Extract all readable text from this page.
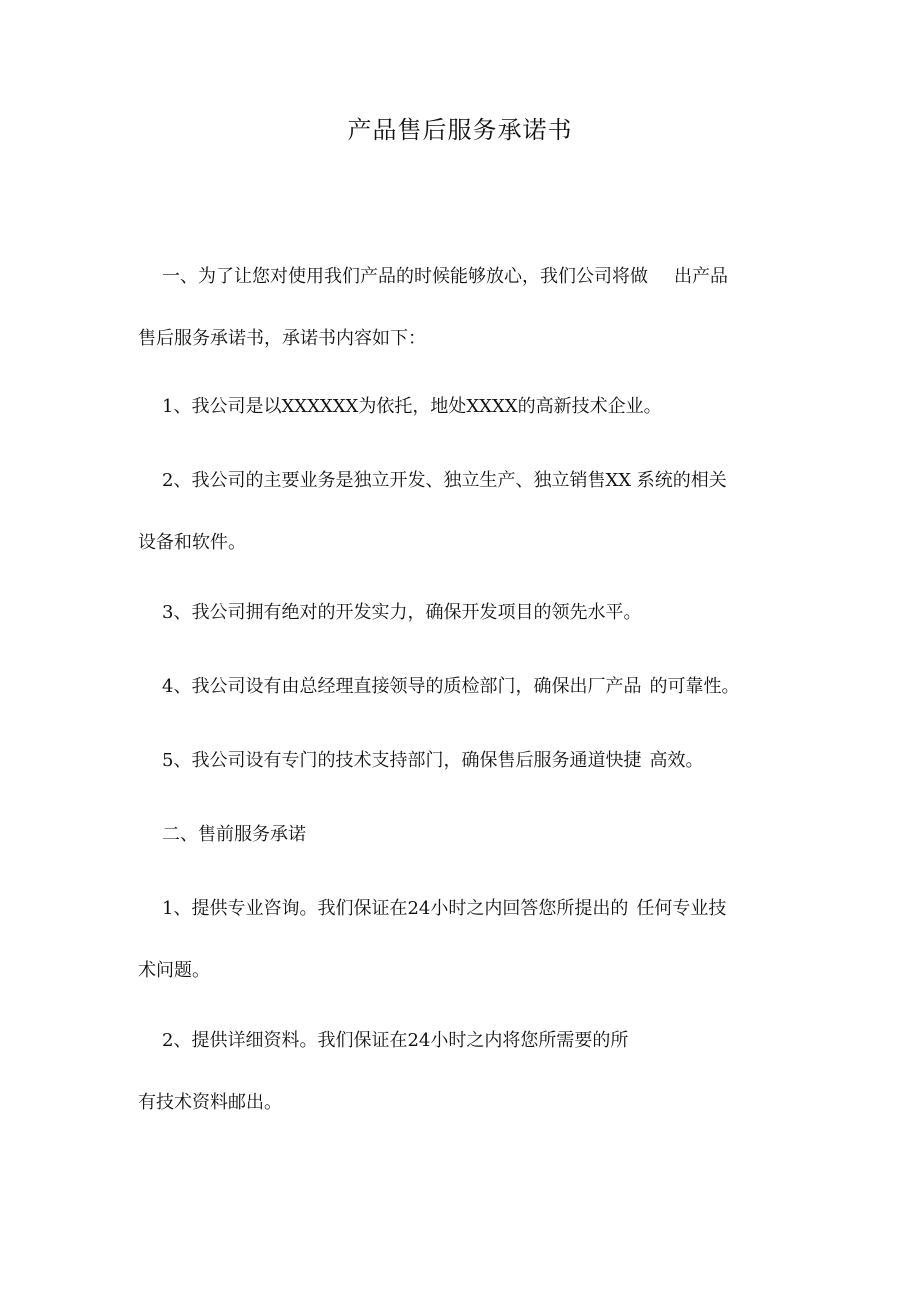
产品售后服务承诺书
一、为了让您对使用我们产品的时候能够放心，我们公司将做 出产品
售后服务承诺书，承诺书内容如下：
1、我公司是以XXXXXX为依托，地处XXXX的高新技术企业。
2、我公司的主要业务是独立开发、独立生产、独立销售XX 系统的相关
设备和软件。
3、我公司拥有绝对的开发实力，确保开发项目的领先水平。
4、我公司设有由总经理直接领导的质检部门，确保出厂产品 的可靠性。
5、我公司设有专门的技术支持部门，确保售后服务通道快捷 高效。
二、售前服务承诺
1、提供专业咨询。我们保证在24小时之内回答您所提出的 任何专业技
术问题。
2、提供详细资料。我们保证在24小时之内将您所需要的所
有技术资料邮出。
